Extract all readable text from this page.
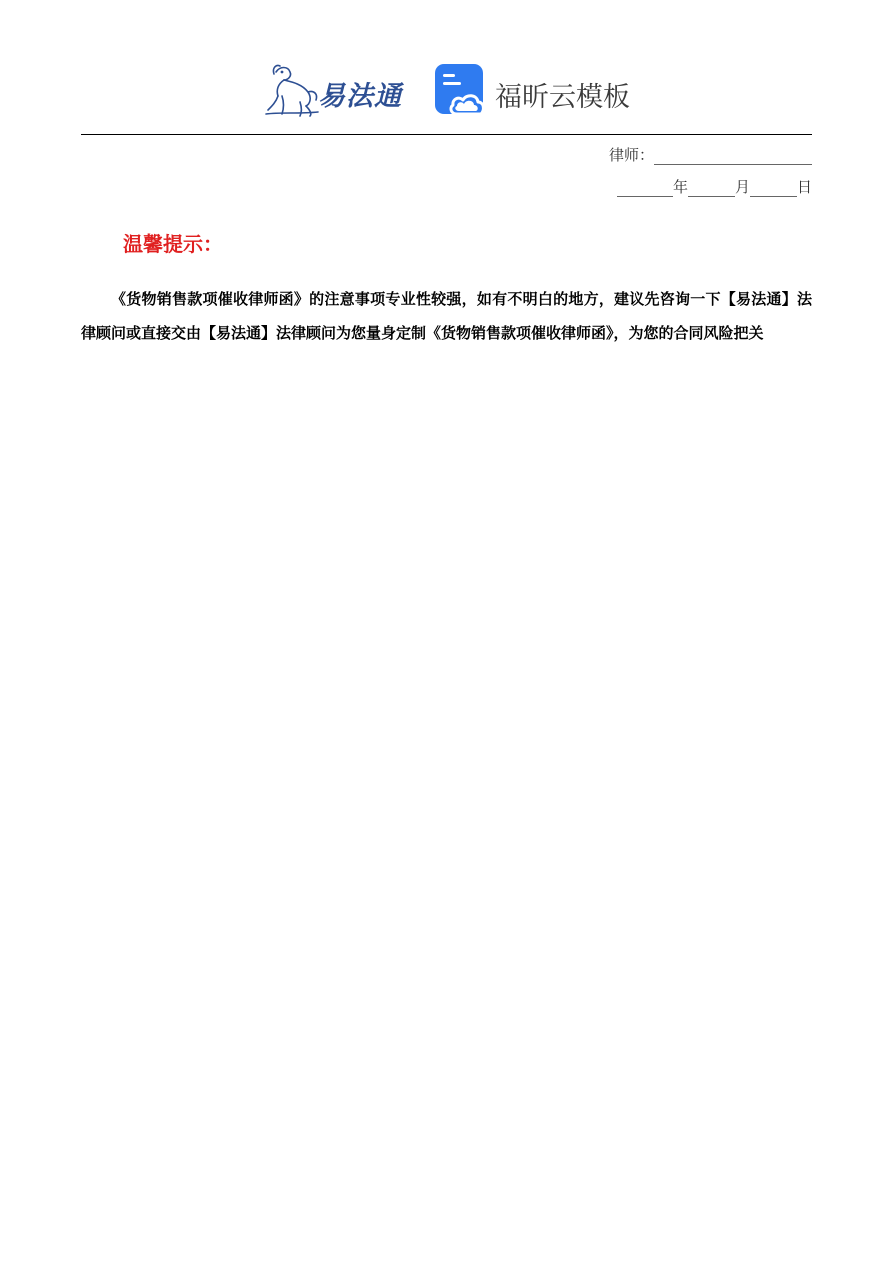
易法通	福昕云模板
律师：
年	月	日
温馨提示：

《货物销售款项催收律师函》的注意事项专业性较强，如有不明白的地方，建议先咨询一下【易法通】法律顾问或直接交由【易法通】法律顾问为您量身定制《货物销售款项催收律师函》，为您的合同风险把关
